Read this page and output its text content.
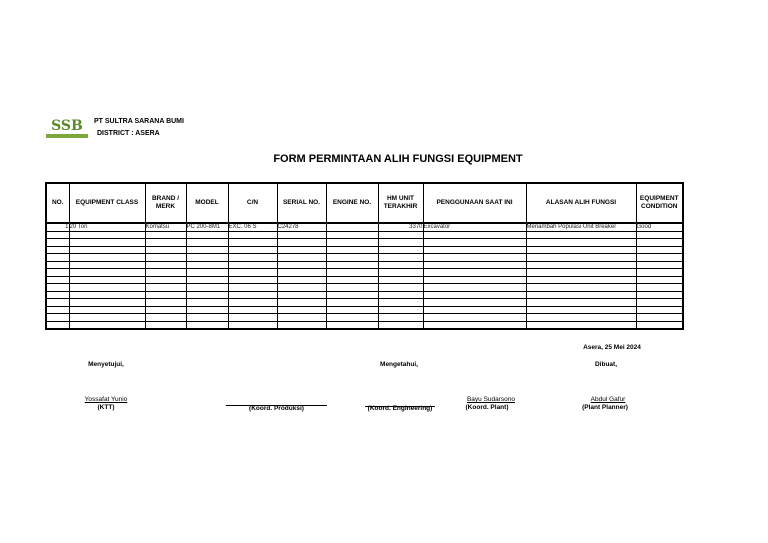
SSB PT SULTRA SARANA BUMI
DISTRICT : ASERA
FORM PERMINTAAN ALIH FUNGSI EQUIPMENT
NO.	EQUIPMENT CLASS	BRAND / MERK	MODEL	C/N	SERIAL NO.	ENGINE NO.	HM UNIT TERAKHIR	PENGGUNAAN SAAT INI	ALASAN ALIH FUNGSI	EQUIPMENT CONDITION
1	20 Ton	Komatsu	PC 200-8M1	EXC. 06 S	C24278		3370	Excavator	Menambah Populasi Unit Breaker	Good

Asera, 25 Mei 2024
Menyetujui,	Mengetahui,	Dibuat,
Yossafat Yunio
(KTT)	(Koord. Produksi)	(Koord. Engineering)
Bayu Sudarsono
(Koord. Plant)
Abdul Gafur
(Plant Planner)
